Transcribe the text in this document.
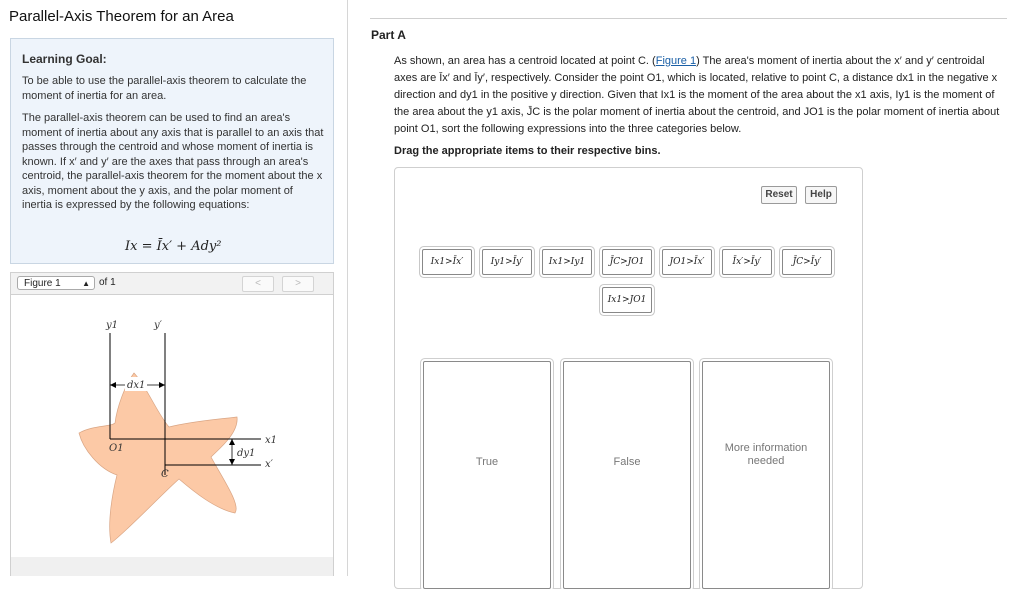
Parallel-Axis Theorem for an Area
Learning Goal:
To be able to use the parallel-axis theorem to calculate the moment of inertia for an area.
The parallel-axis theorem can be used to find an area's moment of inertia about any axis that is parallel to an axis that passes through the centroid and whose moment of inertia is known. If x′ and y′ are the axes that pass through an area's centroid, the parallel-axis theorem for the moment about the x axis, moment about the y axis, and the polar moment of inertia is expressed by the following equations:
Ix = Īx′ + Ady²
Figure 1	▲ of 1	<	>
y1	y′
dx1
O1
C
x1
x′
dy1
Part A
As shown, an area has a centroid located at point C. (Figure 1) The area's moment of inertia about the x′ and y′ centroidal axes are Īx′ and Īy′, respectively. Consider the point O1, which is located, relative to point C, a distance dx1 in the negative x direction and dy1 in the positive y direction. Given that Ix1 is the moment of the area about the x1 axis, Iy1 is the moment of the area about the y1 axis, J̄C is the polar moment of inertia about the centroid, and JO1 is the polar moment of inertia about point O1, sort the following expressions into the three categories below.
Drag the appropriate items to their respective bins.
Reset	Help
Ix1>Īx′	Iy1>Īy′	Ix1>Iy1	J̄C>JO1	JO1>Īx′	Īx′>Īy′	J̄C>Īy′
Ix1>JO1
True	False
More information needed
